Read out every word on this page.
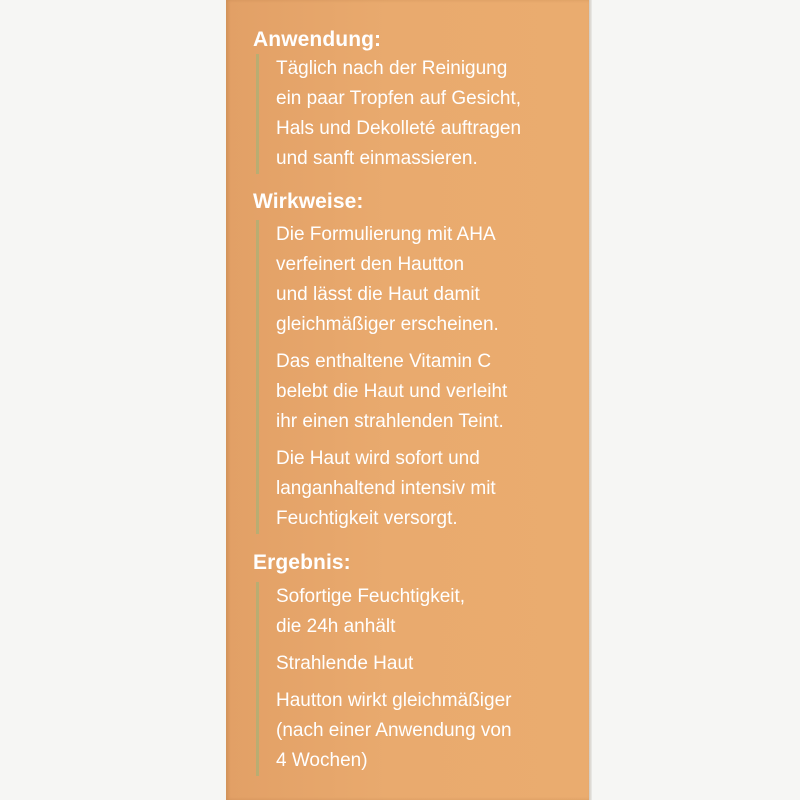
Anwendung:
Täglich nach der Reinigung
ein paar Tropfen auf Gesicht,
Hals und Dekolleté auftragen
und sanft einmassieren.
Wirkweise:
Die Formulierung mit AHA
verfeinert den Hautton
und lässt die Haut damit
gleichmäßiger erscheinen.
Das enthaltene Vitamin C
belebt die Haut und verleiht
ihr einen strahlenden Teint.
Die Haut wird sofort und
langanhaltend intensiv mit
Feuchtigkeit versorgt.
Ergebnis:
Sofortige Feuchtigkeit,
die 24h anhält
Strahlende Haut
Hautton wirkt gleichmäßiger
(nach einer Anwendung von
4 Wochen)
